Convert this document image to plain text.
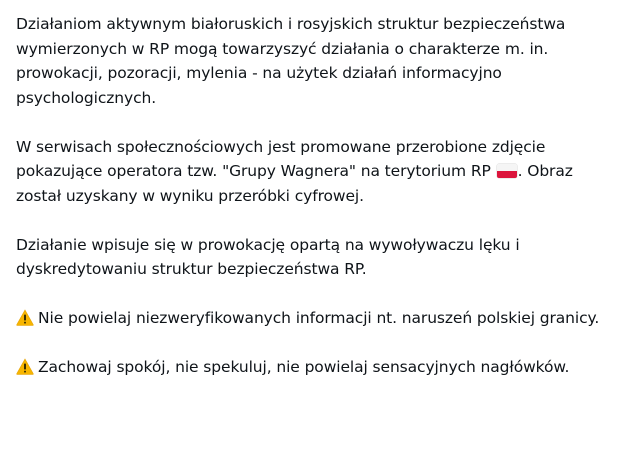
Działaniom aktywnym białoruskich i rosyjskich struktur bezpieczeństwa wymierzonych w RP mogą towarzyszyć działania o charakterze m. in. prowokacji, pozoracji, mylenia - na użytek działań informacyjno psychologicznych.

W serwisach społecznościowych jest promowane przerobione zdjęcie pokazujące operatora tzw. "Grupy Wagnera" na terytorium RP
. Obraz został uzyskany w wyniku przeróbki cyfrowej.

Działanie wpisuje się w prowokację opartą na wywoływaczu lęku i dyskredytowaniu struktur bezpieczeństwa RP.

Nie powielaj niezweryfikowanych informacji nt. naruszeń polskiej granicy.

Zachowaj spokój, nie spekuluj, nie powielaj sensacyjnych nagłówków.
